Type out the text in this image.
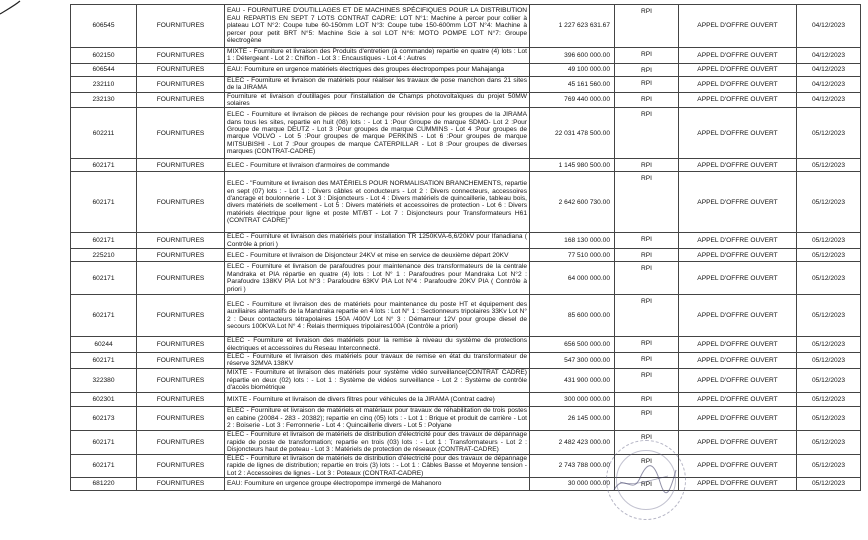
606545	FOURNITURES	EAU - FOURNITURE D'OUTILLAGES ET DE MACHINES SPÉCIFIQUES POUR LA DISTRIBUTION EAU REPARTIS EN SEPT 7 LOTS CONTRAT CADRE: LOT N°1: Machine à percer pour collier à plateau LOT N°2: Coupe tube 60-150mm LOT N°3: Coupe tube 150-600mm LOT N°4: Machine à percer pour petit BRT N°5: Machine Scie à sol LOT N°6: MOTO POMPE LOT N°7: Groupe électrogène	1 227 623 631.67	RPI	APPEL D'OFFRE OUVERT	04/12/2023
602150	FOURNITURES	MIXTE - Fourniture et livraison des Produits d'entretien (à commande) repartie en quatre (4) lots : Lot 1 : Détergeant - Lot 2 : Chiffon - Lot 3 : Encaustiques - Lot 4 : Autres	396 600 000.00	RPI	APPEL D'OFFRE OUVERT	04/12/2023
606544	FOURNITURES	EAU: Fourniture en urgence matériels électriques des groupes électropompes pour Mahajanga	49 100 000.00	RPI	APPEL D'OFFRE OUVERT	04/12/2023
232110	FOURNITURES	ELEC - Fourniture et livraison de matériels pour réaliser les travaux de pose manchon dans 21 sites de la JIRAMA	45 161 560.00	RPI	APPEL D'OFFRE OUVERT	04/12/2023
232130	FOURNITURES	Fourniture et livraison d'outillages pour l'installation de Champs photovoltaïques du projet 50MW solaires	769 440 000.00	RPI	APPEL D'OFFRE OUVERT	04/12/2023
602211	FOURNITURES	ELEC - Fourniture et livraison de pièces de rechange pour révision pour les groupes de la JIRAMA dans tous les sites, repartie en huit (08) lots : - Lot 1 :Pour Groupe de marque SDMO- Lot 2 :Pour Groupe de marque DEUTZ - Lot 3 :Pour groupes de marque CUMMINS - Lot 4 :Pour groupes de marque VOLVO - Lot 5 :Pour groupes de marque PERKINS - Lot 6 :Pour groupes de marque MITSUBISHI - Lot 7 :Pour groupes de marque CATERPILLAR - Lot 8 :Pour groupes de diverses marques (CONTRAT-CADRE)	22 031 478 500.00	RPI	APPEL D'OFFRE OUVERT	05/12/2023
602171	FOURNITURES	ELEC - Fourniture et livraison d'armoires de commande	1 145 980 500.00	RPI	APPEL D'OFFRE OUVERT	05/12/2023
602171	FOURNITURES	ELEC - "Fourniture et livraison des MATÉRIELS POUR NORMALISATION BRANCHEMENTS, repartie en sept (07) lots : - Lot 1 : Divers câbles et conducteurs - Lot 2 : Divers connecteurs, accessoires d'ancrage et boulonnerie - Lot 3 : Disjoncteurs - Lot 4 : Divers matériels de quincaillerie, tableau bois, divers matériels de scellement - Lot 5 : Divers matériels et accessoires de protection - Lot 6 : Divers matériels électrique pour ligne et poste MT/BT - Lot 7 : Disjoncteurs pour Transformateurs H61 (CONTRAT CADRE)"	2 642 600 730.00	RPI	APPEL D'OFFRE OUVERT	05/12/2023
602171	FOURNITURES	ELEC - Fourniture et livraison des matériels pour installation TR 1250KVA-6,6/20kV pour Ifanadiana ( Contrôle à priori )	168 130 000.00	RPI	APPEL D'OFFRE OUVERT	05/12/2023
225210	FOURNITURES	ELEC - Fourniture et livraison de Disjoncteur 24KV et mise en service de deuxième départ 20KV	77 510 000.00	RPI	APPEL D'OFFRE OUVERT	05/12/2023
602171	FOURNITURES	ELEC - Fourniture et livraison de parafoudres pour maintenance des transformateurs de la centrale Mandraka et PIA répartie en quatre (4) lots : Lot N° 1 : Parafoudres pour Mandraka Lot N°2 : Parafoudre 138KV PIA Lot N°3 : Parafoudre 63KV PIA Lot N°4 : Parafoudre 20KV PIA ( Contrôle à priori )	64 000 000.00	RPI	APPEL D'OFFRE OUVERT	05/12/2023
602171	FOURNITURES	ELEC - Fourniture et livraison des de matériels pour maintenance du poste HT et équipement des auxiliaires alternatifs de la Mandraka repartie en 4 lots : Lot N° 1 : Sectionneurs tripolaires 33Kv Lot N° 2 : Deux contacteurs tétrapolaires 150A /400V Lot N° 3 : Démarreur 12V pour groupe diesel de secours 100KVA Lot N° 4 : Relais thermiques tripolaires100A (Contrôle a priori)	85 600 000.00	RPI	APPEL D'OFFRE OUVERT	05/12/2023
60244	FOURNITURES	ELEC - Fourniture et livraison des matériels pour la remise à niveau du système de protections électriques et accessoires du Reseau Interconnecté.	656 500 000.00	RPI	APPEL D'OFFRE OUVERT	05/12/2023
602171	FOURNITURES	ELEC - Fourniture et livraison des matériels pour travaux de remise en état du transformateur de réserve 32MVA 138KV	547 300 000.00	RPI	APPEL D'OFFRE OUVERT	05/12/2023
322380	FOURNITURES	MIXTE - Fourniture et livraison des matériels pour système vidéo surveillance(CONTRAT CADRE) répartie en deux (02) lots : - Lot 1 : Système de vidéos surveillance - Lot 2 : Système de contrôle d'accès biométrique	431 900 000.00	RPI	APPEL D'OFFRE OUVERT	05/12/2023
602301	FOURNITURES	MIXTE - Fourniture et livraison de divers filtres pour véhicules de la JIRAMA (Contrat cadre)	300 000 000.00	RPI	APPEL D'OFFRE OUVERT	05/12/2023
602173	FOURNITURES	ELEC - Fourniture et livraison de matériels et matériaux pour travaux de réhabilitation de trois postes en cabine (20084 - 283 - 20382); repartie en cinq (05) lots : - Lot 1 : Brique et produit de carrière - Lot 2 : Boiserie - Lot 3 : Ferronnerie - Lot 4 : Quincaillerie divers - Lot 5 : Polyane	26 145 000.00	RPI	APPEL D'OFFRE OUVERT	05/12/2023
602171	FOURNITURES	ELEC - Fourniture et livraison de matériels de distribution d'électricité pour des travaux de dépannage rapide de poste de transformation; repartie en trois (03) lots : - Lot 1 : Transformateurs - Lot 2 : Disjoncteurs haut de poteau - Lot 3 : Matériels de protection de réseaux (CONTRAT-CADRE)	2 482 423 000.00	RPI	APPEL D'OFFRE OUVERT	05/12/2023
602171	FOURNITURES	ELEC - Fourniture et livraison de matériels de distribution d'électricité pour des travaux de dépannage rapide de lignes de distribution; repartie en trois (3) lots : - Lot 1 : Câbles Basse et Moyenne tension - Lot 2 : Accessoires de lignes - Lot 3 : Poteaux (CONTRAT-CADRE)	2 743 788 000.00	RPI	APPEL D'OFFRE OUVERT	05/12/2023
681220	FOURNITURES	EAU: Fourniture en urgence groupe électropompe immergé de Mahanoro	30 000 000.00	RPI	APPEL D'OFFRE OUVERT	05/12/2023
